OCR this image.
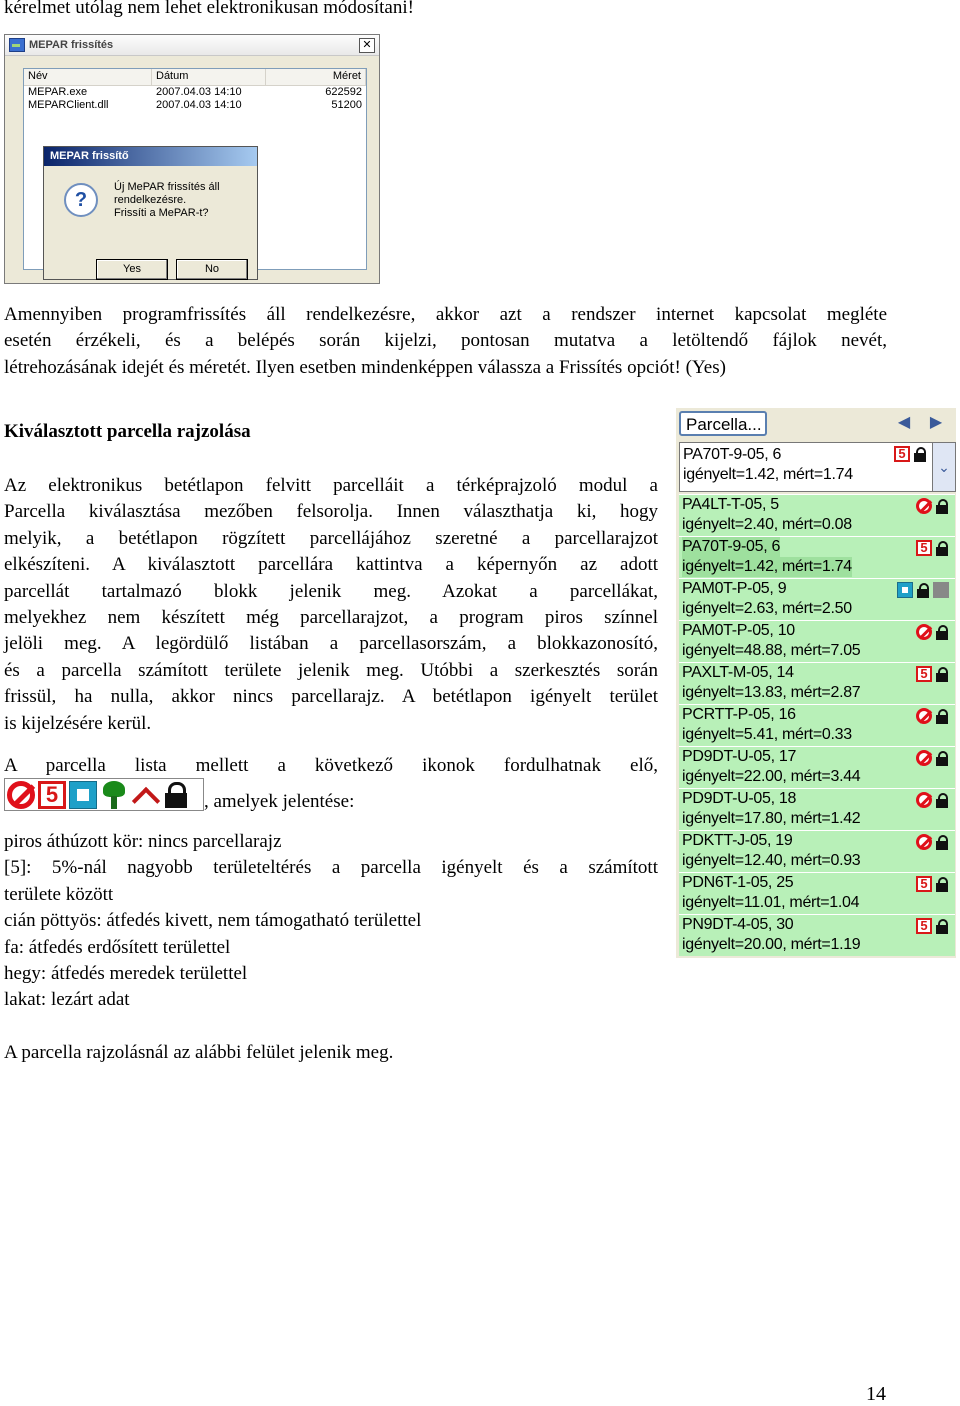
kérelmet utólag nem lehet elektronikusan módosítani!
MEPAR frissítés	✕
Név	Dátum	Méret
MEPAR.exe	2007.04.03 14:10	622592
MEPARClient.dll	2007.04.03 14:10	51200
MEPAR frissítő
?
Új MePAR frissítés áll rendelkezésre.
Frissíti a MePAR-t?
Yes	No
Amennyiben programfrissítés áll rendelkezésre, akkor azt a rendszer internet kapcsolat megléte
esetén érzékeli, és a belépés során kijelzi, pontosan mutatva a letöltendő fájlok nevét,
létrehozásának idejét és méretét. Ilyen esetben mindenképpen válassza a Frissítés opciót! (Yes)
Kiválasztott parcella rajzolása
Az elektronikus betétlapon felvitt parcelláit a térképrajzoló modul a
Parcella kiválasztása mezőben felsorolja. Innen választhatja ki, hogy
melyik, a betétlapon rögzített parcellájához szeretné a parcellarajzot
elkészíteni. A kiválasztott parcellára kattintva a képernyőn az adott
parcellát tartalmazó blokk jelenik meg. Azokat a parcellákat,
melyekhez nem készített még parcellarajzot, a program piros színnel
jelöli meg. A legördülő listában a parcellasorszám, a blokkazonosító,
és a parcella számított területe jelenik meg. Utóbbi a szerkesztés során
frissül, ha nulla, akkor nincs parcellarajz. A betétlapon igényelt terület
is kijelzésére kerül.
A parcella lista mellett a következő ikonok fordulhatnak elő,
5	, amelyek jelentése:
piros áthúzott kör: nincs parcellarajz
[5]: 5%-nál nagyobb területeltérés a parcella igényelt és a számított
területe között
cián pöttyös: átfedés kivett, nem támogatható területtel
fa: átfedés erdősített területtel
hegy: átfedés meredek területtel
lakat: lezárt adat
A parcella rajzolásnál az alábbi felület jelenik meg.
14
Parcella...	◀	▶
PA70T-9-05, 6
igényelt=1.42, mért=1.74
5
⌄
PA4LT-T-05, 5
igényelt=2.40, mért=0.08
PA70T-9-05, 6
igényelt=1.42, mért=1.74
5
PAM0T-P-05, 9
igényelt=2.63, mért=2.50
PAM0T-P-05, 10
igényelt=48.88, mért=7.05
PAXLT-M-05, 14
igényelt=13.83, mért=2.87
5
PCRTT-P-05, 16
igényelt=5.41, mért=0.33
PD9DT-U-05, 17
igényelt=22.00, mért=3.44
PD9DT-U-05, 18
igényelt=17.80, mért=1.42
PDKTT-J-05, 19
igényelt=12.40, mért=0.93
PDN6T-1-05, 25
igényelt=11.01, mért=1.04
5
PN9DT-4-05, 30
igényelt=20.00, mért=1.19
5
